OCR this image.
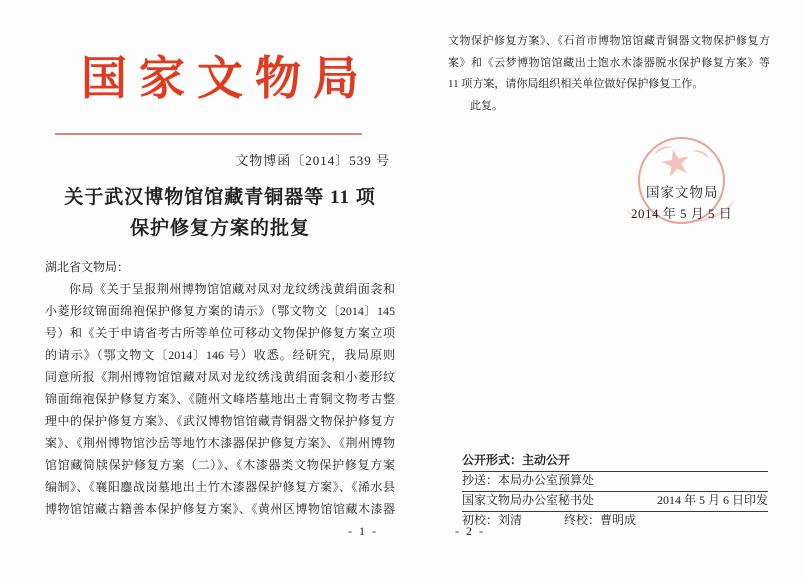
国家文物局
文物博函〔2014〕539 号
关于武汉博物馆馆藏青铜器等 11 项
保护修复方案的批复
湖北省文物局：
你局《关于呈报荆州博物馆馆藏对凤对龙纹绣浅黄绢面衾和
小菱形纹锦面绵袍保护修复方案的请示》（鄂文物文〔2014〕145
号）和《关于申请省考古所等单位可移动文物保护修复方案立项
的请示》（鄂文物文〔2014〕146 号）收悉。经研究，我局原则
同意所报《荆州博物馆馆藏对凤对龙纹绣浅黄绢面衾和小菱形纹
锦面绵袍保护修复方案》、《随州文峰塔墓地出土青铜文物考古整
理中的保护修复方案》、《武汉博物馆馆藏青铜器文物保护修复方
案》、《荆州博物馆沙岳等地竹木漆器保护修复方案》、《荆州博物
馆馆藏简牍保护修复方案（二）》、《木漆器类文物保护修复方案
编制》、《襄阳鏖战岗墓地出土竹木漆器保护修复方案》、《浠水县
博物馆馆藏古籍善本保护修复方案》、《黄州区博物馆馆藏木漆器
- 1 -
文物保护修复方案》、《石首市博物馆馆藏青铜器文物保护修复方
案》和《云梦博物馆馆藏出土饱水木漆器脱水保护修复方案》等
11 项方案，请你局组织相关单位做好保护修复工作。
此复。
★
国家文物局
2014 年 5 月 5 日
公开形式：主动公开
抄送：本局办公室预算处
国家文物局办公室秘书处	2014 年 5 月 6 日印发
初校：刘清	终校：曹明成
- 2 -
